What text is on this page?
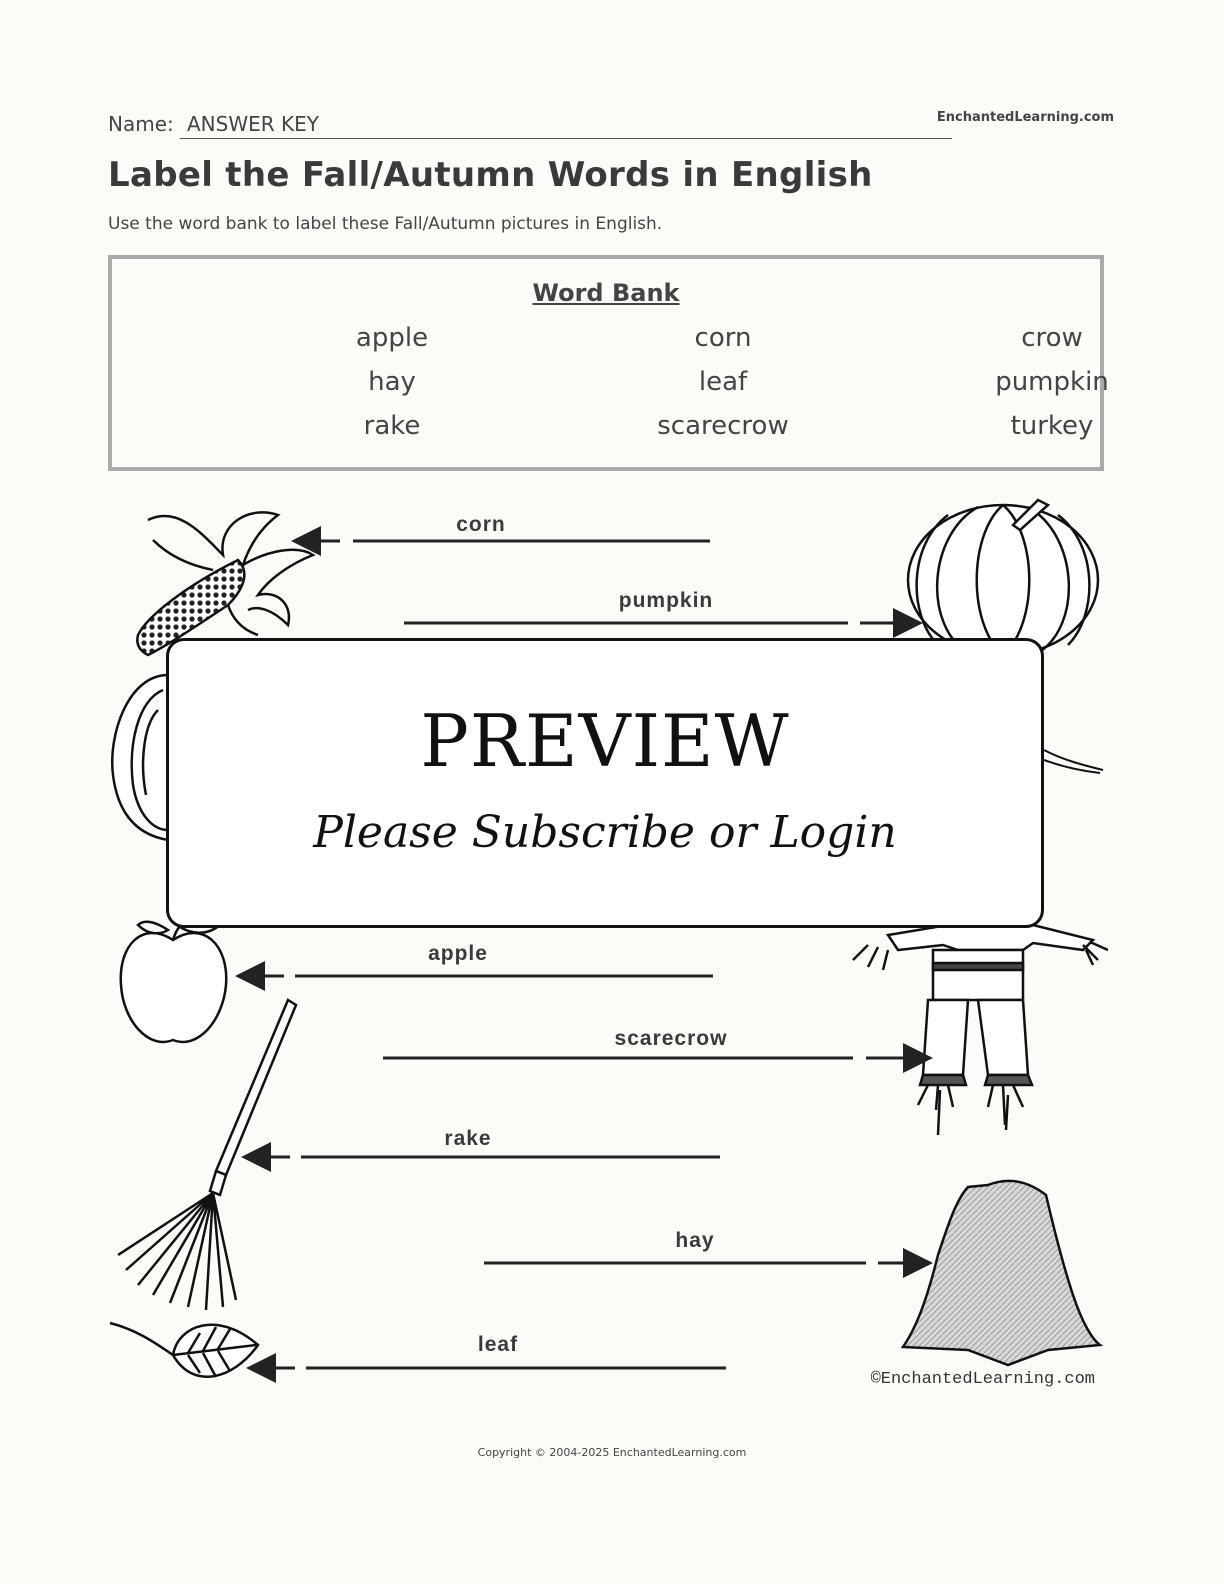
Name: ANSWER KEY	EnchantedLearning.com
Label the Fall/Autumn Words in English
Use the word bank to label these Fall/Autumn pictures in English.
Word Bank
apple	corn	crow
hay	leaf	pumpkin
rake	scarecrow	turkey
corn
pumpkin
apple
scarecrow
rake
hay
leaf
©EnchantedLearning.com
PREVIEW
Please Subscribe or Login
Copyright © 2004-2025 EnchantedLearning.com
